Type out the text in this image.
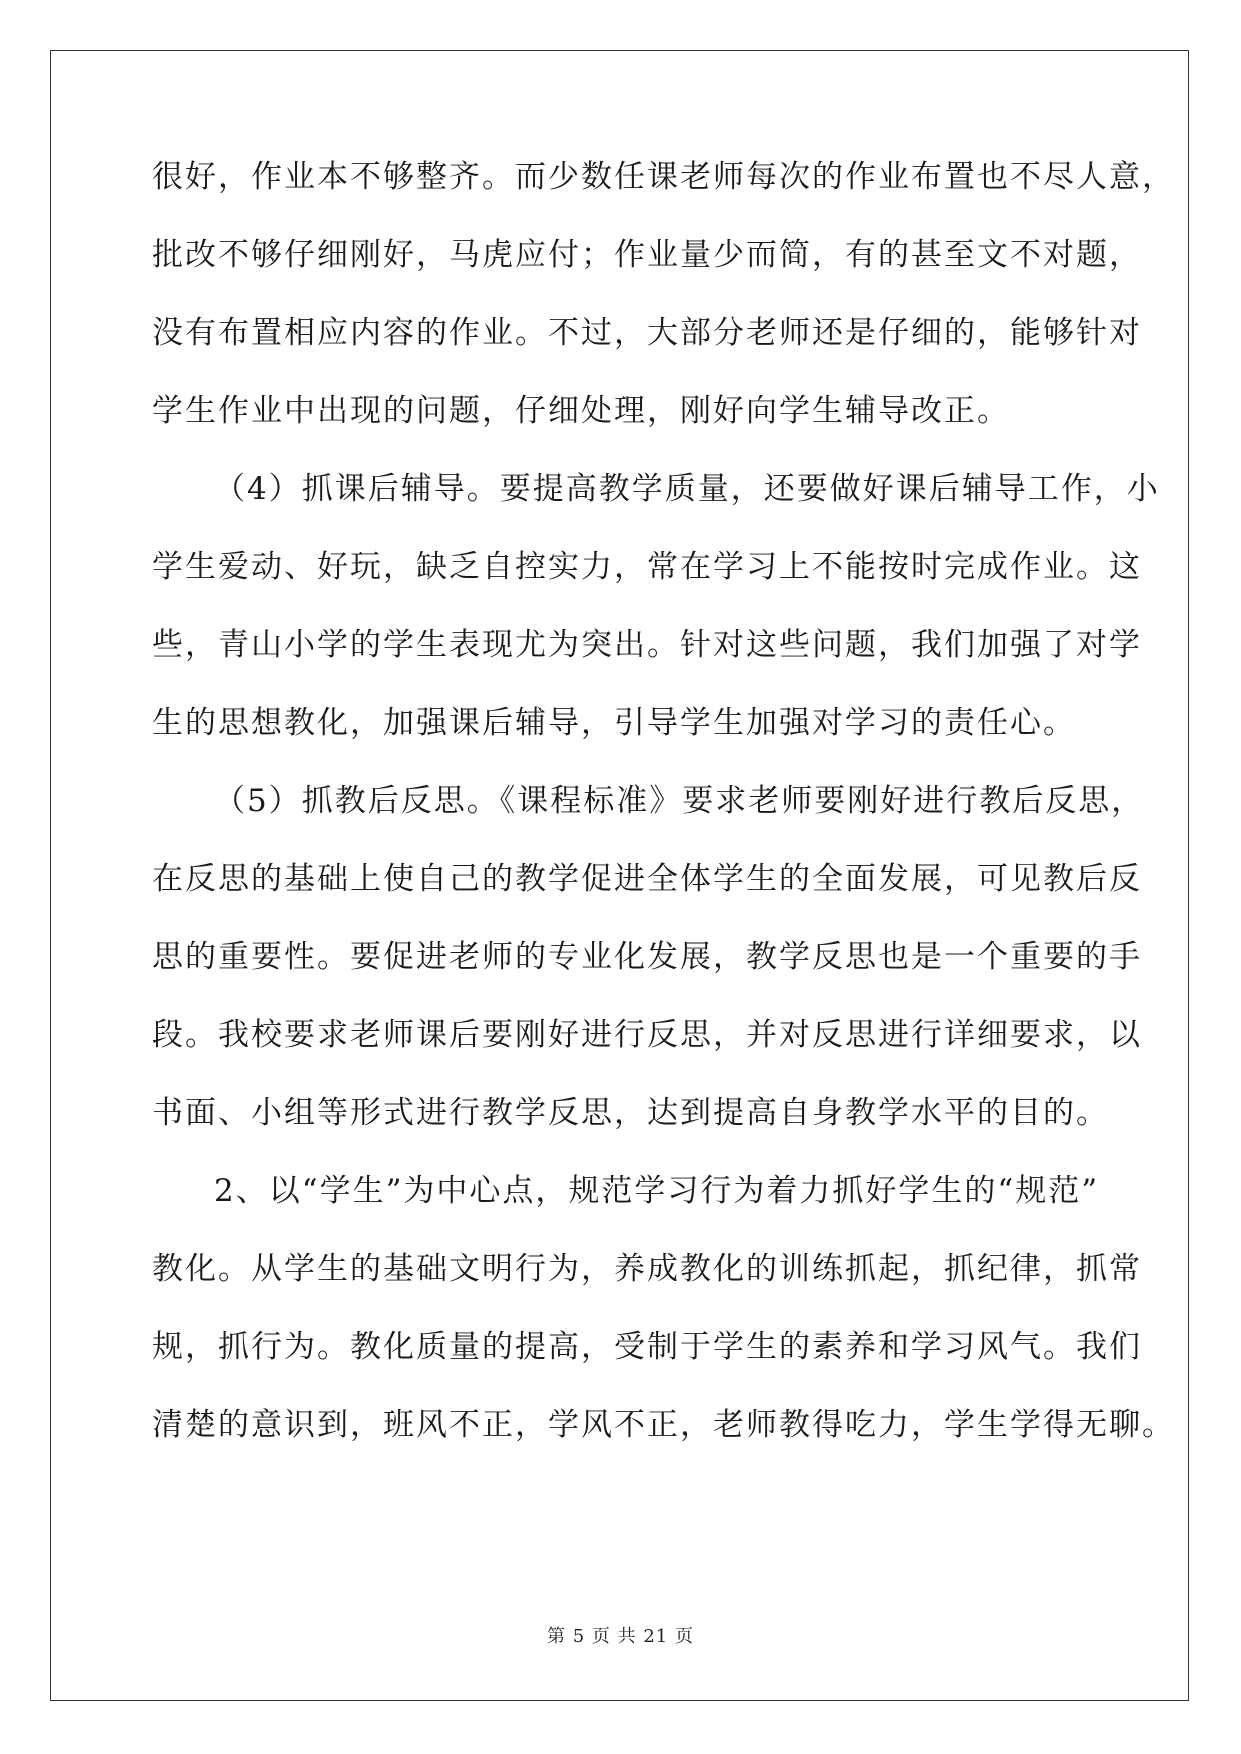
很好，作业本不够整齐。而少数任课老师每次的作业布置也不尽人意，
批改不够仔细刚好，马虎应付；作业量少而简，有的甚至文不对题，
没有布置相应内容的作业。不过，大部分老师还是仔细的，能够针对
学生作业中出现的问题，仔细处理，刚好向学生辅导改正。
（4）抓课后辅导。要提高教学质量，还要做好课后辅导工作，小
学生爱动、好玩，缺乏自控实力，常在学习上不能按时完成作业。这
些，青山小学的学生表现尤为突出。针对这些问题，我们加强了对学
生的思想教化，加强课后辅导，引导学生加强对学习的责任心。
（5）抓教后反思。《课程标准》要求老师要刚好进行教后反思，
在反思的基础上使自己的教学促进全体学生的全面发展，可见教后反
思的重要性。要促进老师的专业化发展，教学反思也是一个重要的手
段。我校要求老师课后要刚好进行反思，并对反思进行详细要求，以
书面、小组等形式进行教学反思，达到提高自身教学水平的目的。
2、以“学生”为中心点，规范学习行为着力抓好学生的“规范”
教化。从学生的基础文明行为，养成教化的训练抓起，抓纪律，抓常
规，抓行为。教化质量的提高，受制于学生的素养和学习风气。我们
清楚的意识到，班风不正，学风不正，老师教得吃力，学生学得无聊。
第 5 页 共 21 页
